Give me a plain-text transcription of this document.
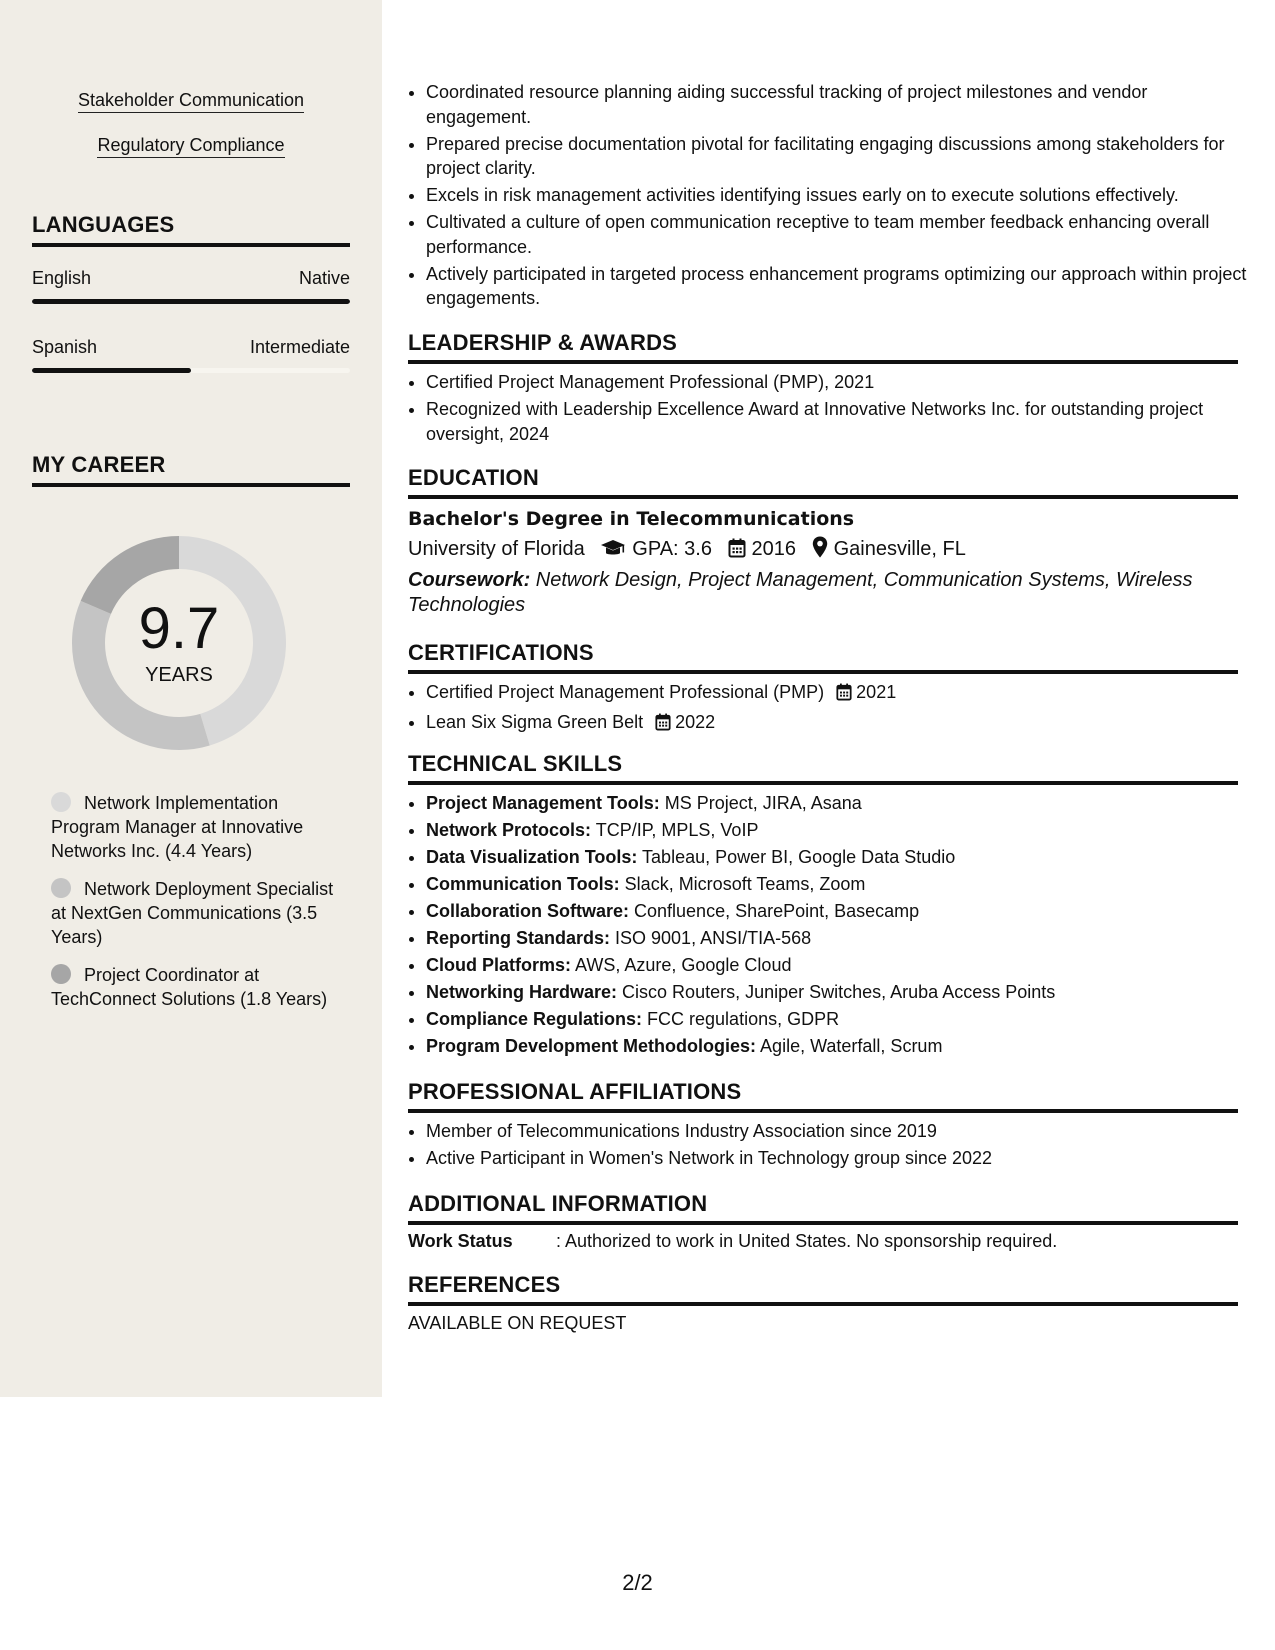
Stakeholder Communication
Regulatory Compliance
LANGUAGES
English	Native
Spanish	Intermediate
MY CAREER
9.7
YEARS
Network Implementation Program Manager at Innovative Networks Inc. (4.4 Years)
Network Deployment Specialist at NextGen Communications (3.5 Years)
Project Coordinator at TechConnect Solutions (1.8 Years)
• Coordinated resource planning aiding successful tracking of project milestones and vendor engagement.
• Prepared precise documentation pivotal for facilitating engaging discussions among stakeholders for project clarity.
• Excels in risk management activities identifying issues early on to execute solutions effectively.
• Cultivated a culture of open communication receptive to team member feedback enhancing overall performance.
• Actively participated in targeted process enhancement programs optimizing our approach within project engagements.
LEADERSHIP & AWARDS
• Certified Project Management Professional (PMP), 2021
• Recognized with Leadership Excellence Award at Innovative Networks Inc. for outstanding project oversight, 2024
EDUCATION
Bachelor's Degree in Telecommunications
University of Florida GPA: 3.6 2016 Gainesville, FL
Coursework: Network Design, Project Management, Communication Systems, Wireless Technologies
CERTIFICATIONS
• Certified Project Management Professional (PMP) 2021
• Lean Six Sigma Green Belt 2022
TECHNICAL SKILLS
• Project Management Tools: MS Project, JIRA, Asana
• Network Protocols: TCP/IP, MPLS, VoIP
• Data Visualization Tools: Tableau, Power BI, Google Data Studio
• Communication Tools: Slack, Microsoft Teams, Zoom
• Collaboration Software: Confluence, SharePoint, Basecamp
• Reporting Standards: ISO 9001, ANSI/TIA-568
• Cloud Platforms: AWS, Azure, Google Cloud
• Networking Hardware: Cisco Routers, Juniper Switches, Aruba Access Points
• Compliance Regulations: FCC regulations, GDPR
• Program Development Methodologies: Agile, Waterfall, Scrum
PROFESSIONAL AFFILIATIONS
• Member of Telecommunications Industry Association since 2019
• Active Participant in Women's Network in Technology group since 2022
ADDITIONAL INFORMATION
Work Status : Authorized to work in United States. No sponsorship required.
REFERENCES
AVAILABLE ON REQUEST
2/2
